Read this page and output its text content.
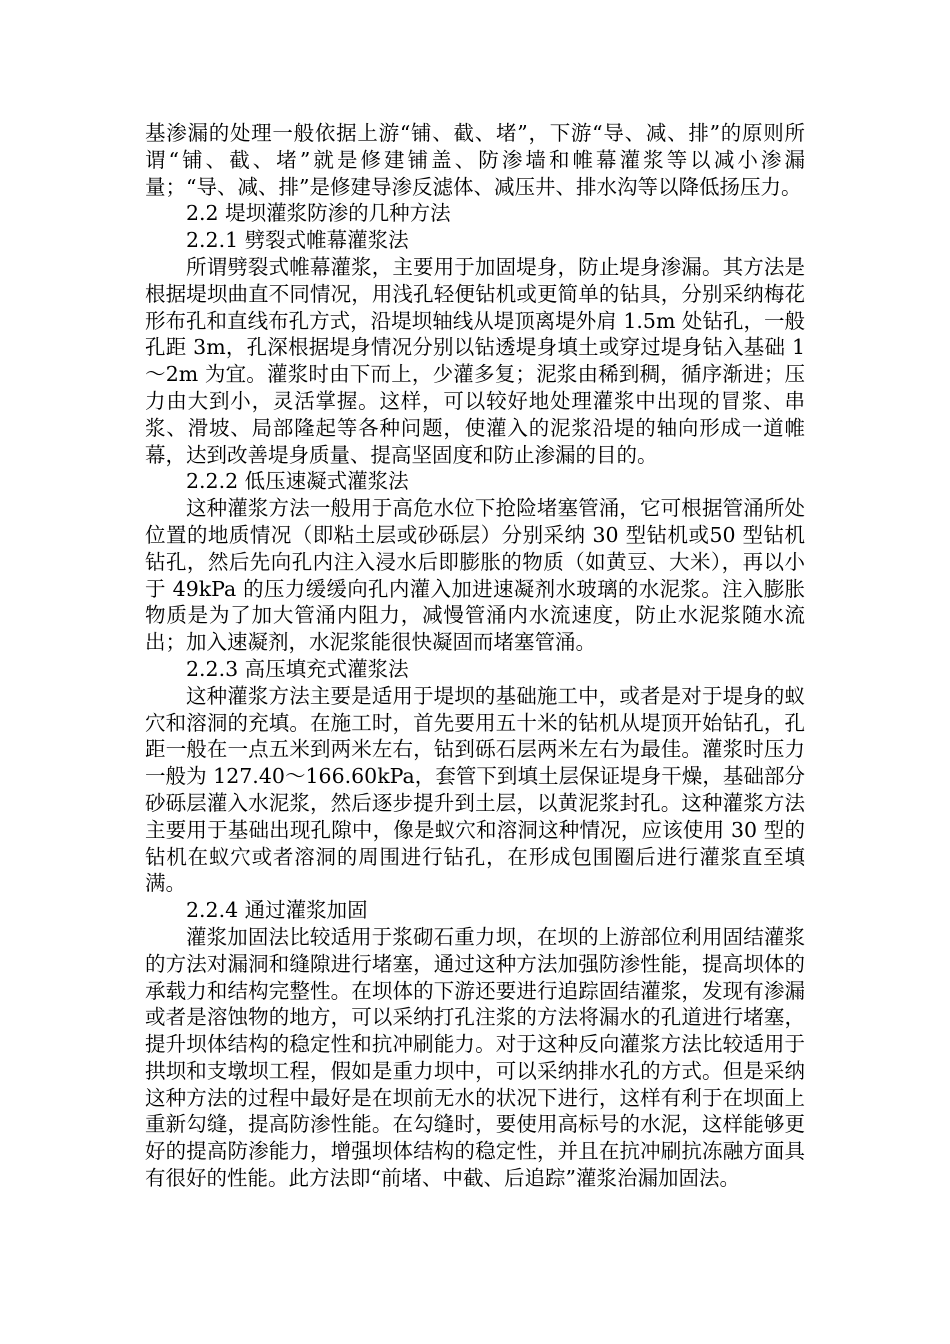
基渗漏的处理一般依据上游“铺、截、堵”，下游“导、减、排”的原则所谓“铺、截、堵”就是修建铺盖、防渗墙和帷幕灌浆等以减小渗漏量；“导、减、排”是修建导渗反滤体、减压井、排水沟等以降低扬压力。

2.2 堤坝灌浆防渗的几种方法

2.2.1 劈裂式帷幕灌浆法

所谓劈裂式帷幕灌浆，主要用于加固堤身，防止堤身渗漏。其方法是根据堤坝曲直不同情况，用浅孔轻便钻机或更简单的钻具，分别采纳梅花形布孔和直线布孔方式，沿堤坝轴线从堤顶离堤外肩 1.5m 处钻孔，一般孔距 3m，孔深根据堤身情况分别以钻透堤身填土或穿过堤身钻入基础 1～2m 为宜。灌浆时由下而上，少灌多复；泥浆由稀到稠，循序渐进；压力由大到小，灵活掌握。这样，可以较好地处理灌浆中出现的冒浆、串浆、滑坡、局部隆起等各种问题，使灌入的泥浆沿堤的轴向形成一道帷幕，达到改善堤身质量、提高坚固度和防止渗漏的目的。

2.2.2 低压速凝式灌浆法

这种灌浆方法一般用于高危水位下抢险堵塞管涌，它可根据管涌所处位置的地质情况（即粘土层或砂砾层）分别采纳 30 型钻机或50 型钻机钻孔，然后先向孔内注入浸水后即膨胀的物质（如黄豆、大米），再以小于 49kPa 的压力缓缓向孔内灌入加进速凝剂水玻璃的水泥浆。注入膨胀物质是为了加大管涌内阻力，减慢管涌内水流速度，防止水泥浆随水流出；加入速凝剂，水泥浆能很快凝固而堵塞管涌。

2.2.3 高压填充式灌浆法

这种灌浆方法主要是适用于堤坝的基础施工中，或者是对于堤身的蚁穴和溶洞的充填。在施工时，首先要用五十米的钻机从堤顶开始钻孔，孔距一般在一点五米到两米左右，钻到砾石层两米左右为最佳。灌浆时压力一般为 127.40～166.60kPa，套管下到填土层保证堤身干燥，基础部分砂砾层灌入水泥浆，然后逐步提升到土层，以黄泥浆封孔。这种灌浆方法主要用于基础出现孔隙中，像是蚁穴和溶洞这种情况，应该使用 30 型的钻机在蚁穴或者溶洞的周围进行钻孔，在形成包围圈后进行灌浆直至填满。

2.2.4 通过灌浆加固

灌浆加固法比较适用于浆砌石重力坝，在坝的上游部位利用固结灌浆的方法对漏洞和缝隙进行堵塞，通过这种方法加强防渗性能，提高坝体的承载力和结构完整性。在坝体的下游还要进行追踪固结灌浆，发现有渗漏或者是溶蚀物的地方，可以采纳打孔注浆的方法将漏水的孔道进行堵塞，提升坝体结构的稳定性和抗冲刷能力。对于这种反向灌浆方法比较适用于拱坝和支墩坝工程，假如是重力坝中，可以采纳排水孔的方式。但是采纳这种方法的过程中最好是在坝前无水的状况下进行，这样有利于在坝面上重新勾缝，提高防渗性能。在勾缝时，要使用高标号的水泥，这样能够更好的提高防渗能力，增强坝体结构的稳定性，并且在抗冲刷抗冻融方面具有很好的性能。此方法即“前堵、中截、后追踪”灌浆治漏加固法。
